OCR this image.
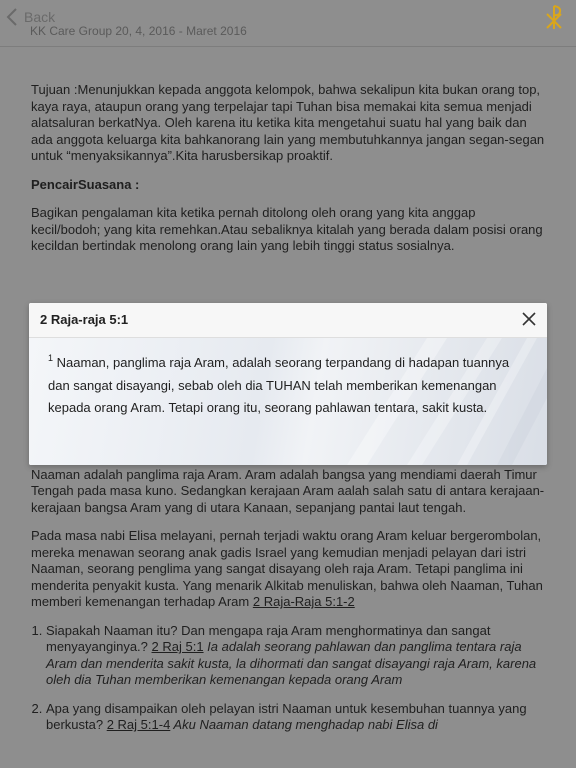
Back
KK Care Group 20, 4, 2016 - Maret 2016

Tujuan :Menunjukkan kepada anggota kelompok, bahwa sekalipun kita bukan orang top, kaya raya, ataupun orang yang terpelajar tapi Tuhan bisa memakai kita semua menjadi alatsaluran berkatNya. Oleh karena itu ketika kita mengetahui suatu hal yang baik dan ada anggota keluarga kita bahkanorang lain yang membutuhkannya jangan segan-segan untuk “menyaksikannya”.Kita harusbersikap proaktif.

PencairSuasana :

Bagikan pengalaman kita ketika pernah ditolong oleh orang yang kita anggap kecil/bodoh; yang kita remehkan.Atau sebaliknya kitalah yang berada dalam posisi orang kecildan bertindak menolong orang lain yang lebih tinggi status sosialnya.

Naaman adalah panglima raja Aram. Aram adalah bangsa yang mendiami daerah Timur Tengah pada masa kuno. Sedangkan kerajaan Aram aalah salah satu di antara kerajaan-kerajaan bangsa Aram yang di utara Kanaan, sepanjang pantai laut tengah.

Pada masa nabi Elisa melayani, pernah terjadi waktu orang Aram keluar bergerombolan, mereka menawan seorang anak gadis Israel yang kemudian menjadi pelayan dari istri Naaman, seorang penglima yang sangat disayang oleh raja Aram. Tetapi panglima ini menderita penyakit kusta. Yang menarik Alkitab menuliskan, bahwa oleh Naaman, Tuhan memberi kemenangan terhadap Aram 2 Raja-Raja 5:1-2

1. Siapakah Naaman itu? Dan mengapa raja Aram menghormatinya dan sangat menyayanginya.? 2 Raj 5:1 Ia adalah seorang pahlawan dan panglima tentara raja Aram dan menderita sakit kusta, la dihormati dan sangat disayangi raja Aram, karena oleh dia Tuhan memberikan kemenangan kepada orang Aram
2. Apa yang disampaikan oleh pelayan istri Naaman untuk kesembuhan tuannya yang berkusta? 2 Raj 5:1-4 Aku Naaman datang menghadap nabi Elisa di
2 Raja-raja 5:1
$^1$ Naaman, panglima raja Aram, adalah seorang terpandang di hadapan tuannya dan sangat disayangi, sebab oleh dia TUHAN telah memberikan kemenangan kepada orang Aram. Tetapi orang itu, seorang pahlawan tentara, sakit kusta.
